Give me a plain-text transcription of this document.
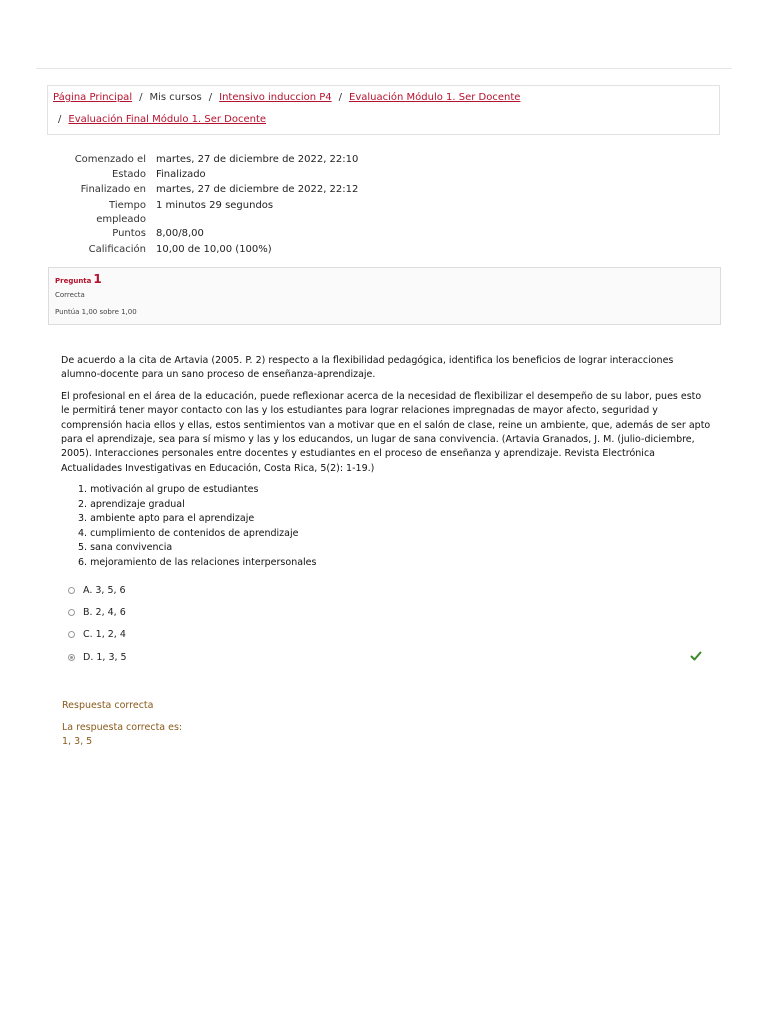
Página Principal / Mis cursos / Intensivo induccion P4 / Evaluación Módulo 1. Ser Docente
/ Evaluación Final Módulo 1. Ser Docente
Comenzado el martes, 27 de diciembre de 2022, 22:10
Estado Finalizado
Finalizado en martes, 27 de diciembre de 2022, 22:12
Tiempo empleado
1 minutos 29 segundos
Puntos 8,00/8,00
Calificación 10,00 de 10,00 (100%)
Pregunta 1
Correcta
Puntúa 1,00 sobre 1,00

De acuerdo a la cita de Artavia (2005. P. 2) respecto a la flexibilidad pedagógica, identifica los beneficios de lograr interacciones alumno-docente para un sano proceso de enseñanza-aprendizaje.

El profesional en el área de la educación, puede reflexionar acerca de la necesidad de flexibilizar el desempeño de su labor, pues esto le permitirá tener mayor contacto con las y los estudiantes para lograr relaciones impregnadas de mayor afecto, seguridad y comprensión hacia ellos y ellas, estos sentimientos van a motivar que en el salón de clase, reine un ambiente, que, además de ser apto para el aprendizaje, sea para sí mismo y las y los educandos, un lugar de sana convivencia. (Artavia Granados, J. M. (julio-diciembre, 2005). Interacciones personales entre docentes y estudiantes en el proceso de enseñanza y aprendizaje. Revista Electrónica Actualidades Investigativas en Educación, Costa Rica, 5(2): 1-19.)

1. motivación al grupo de estudiantes
2. aprendizaje gradual
3. ambiente apto para el aprendizaje
4. cumplimiento de contenidos de aprendizaje
5. sana convivencia
6. mejoramiento de las relaciones interpersonales
A. 3, 5, 6
B. 2, 4, 6
C. 1, 2, 4
D. 1, 3, 5
Respuesta correcta
La respuesta correcta es:
1, 3, 5
